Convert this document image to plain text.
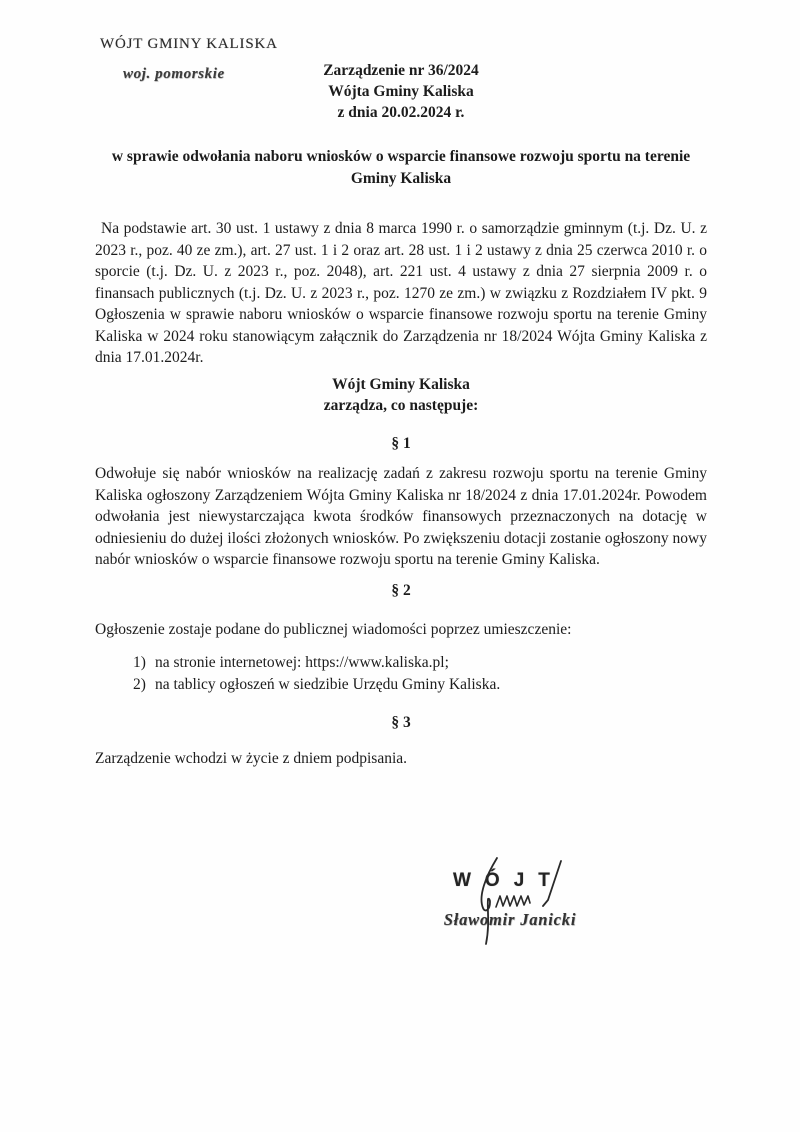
WÓJT GMINY KALISKA
woj. pomorskie	Zarządzenie nr 36/2024
Wójta Gminy Kaliska
z dnia 20.02.2024 r.
w sprawie odwołania naboru wniosków o wsparcie finansowe rozwoju sportu na terenie Gminy Kaliska

Na podstawie art. 30 ust. 1 ustawy z dnia 8 marca 1990 r. o samorządzie gminnym (t.j. Dz. U. z 2023 r., poz. 40 ze zm.), art. 27 ust. 1 i 2 oraz art. 28 ust. 1 i 2 ustawy z dnia 25 czerwca 2010 r. o sporcie (t.j. Dz. U. z 2023 r., poz. 2048), art. 221 ust. 4 ustawy z dnia 27 sierpnia 2009 r. o finansach publicznych (t.j. Dz. U. z 2023 r., poz. 1270 ze zm.) w związku z Rozdziałem IV pkt. 9 Ogłoszenia w sprawie naboru wniosków o wsparcie finansowe rozwoju sportu na terenie Gminy Kaliska w 2024 roku stanowiącym załącznik do Zarządzenia nr 18/2024 Wójta Gminy Kaliska z dnia 17.01.2024r.

Wójt Gminy Kaliska
zarządza, co następuje:
§ 1

Odwołuje się nabór wniosków na realizację zadań z zakresu rozwoju sportu na terenie Gminy Kaliska ogłoszony Zarządzeniem Wójta Gminy Kaliska nr 18/2024 z dnia 17.01.2024r. Powodem odwołania jest niewystarczająca kwota środków finansowych przeznaczonych na dotację w odniesieniu do dużej ilości złożonych wniosków. Po zwiększeniu dotacji zostanie ogłoszony nowy nabór wniosków o wsparcie finansowe rozwoju sportu na terenie Gminy Kaliska.

§ 2

Ogłoszenie zostaje podane do publicznej wiadomości poprzez umieszczenie:

1) na stronie internetowej: https://www.kaliska.pl;
2) na tablicy ogłoszeń w siedzibie Urzędu Gminy Kaliska.
§ 3

Zarządzenie wchodzi w życie z dniem podpisania.

WÓJT
Sławomir Janicki
